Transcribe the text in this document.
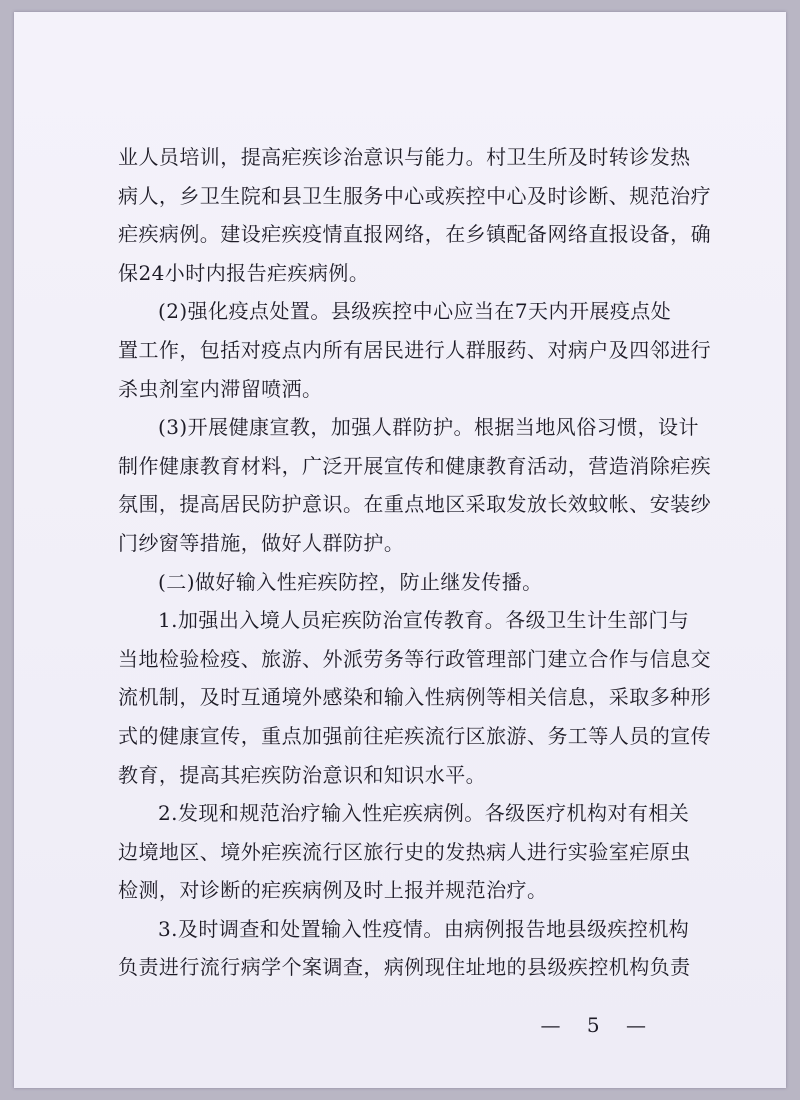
业人员培训，提高疟疾诊治意识与能力。村卫生所及时转诊发热
病人，乡卫生院和县卫生服务中心或疾控中心及时诊断、规范治疗
疟疾病例。建设疟疾疫情直报网络，在乡镇配备网络直报设备，确
保24小时内报告疟疾病例。
(2)强化疫点处置。县级疾控中心应当在7天内开展疫点处
置工作，包括对疫点内所有居民进行人群服药、对病户及四邻进行
杀虫剂室内滞留喷洒。
(3)开展健康宣教，加强人群防护。根据当地风俗习惯，设计
制作健康教育材料，广泛开展宣传和健康教育活动，营造消除疟疾
氛围，提高居民防护意识。在重点地区采取发放长效蚊帐、安装纱
门纱窗等措施，做好人群防护。
(二)做好输入性疟疾防控，防止继发传播。
1.加强出入境人员疟疾防治宣传教育。各级卫生计生部门与
当地检验检疫、旅游、外派劳务等行政管理部门建立合作与信息交
流机制，及时互通境外感染和输入性病例等相关信息，采取多种形
式的健康宣传，重点加强前往疟疾流行区旅游、务工等人员的宣传
教育，提高其疟疾防治意识和知识水平。
2.发现和规范治疗输入性疟疾病例。各级医疗机构对有相关
边境地区、境外疟疾流行区旅行史的发热病人进行实验室疟原虫
检测，对诊断的疟疾病例及时上报并规范治疗。
3.及时调查和处置输入性疫情。由病例报告地县级疾控机构
负责进行流行病学个案调查，病例现住址地的县级疾控机构负责
— 5 —
